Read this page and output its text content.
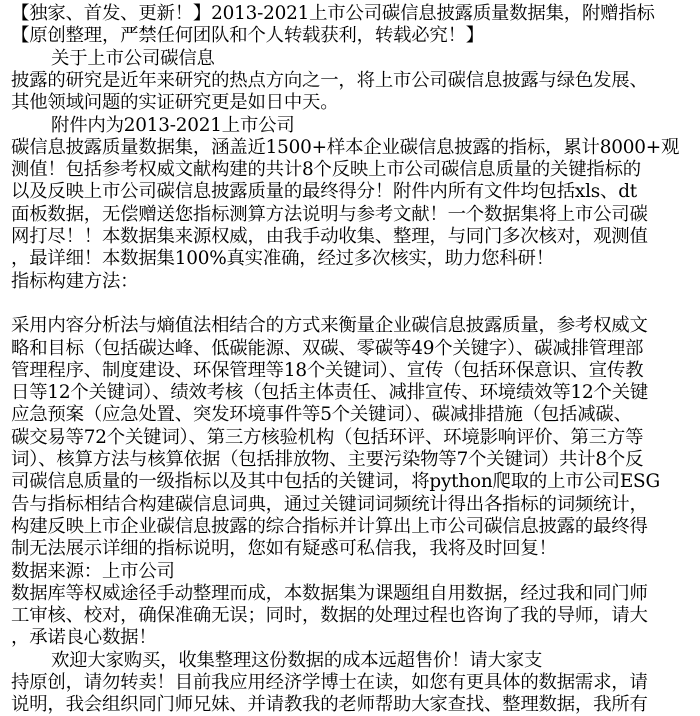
【独家、首发、更新！】2013-2021上市公司碳信息披露质量数据集，附赠指标
【原创整理，严禁任何团队和个人转载获利，转载必究！】
关于上市公司碳信息
披露的研究是近年来研究的热点方向之一，将上市公司碳信息披露与绿色发展、
其他领域问题的实证研究更是如日中天。
附件内为2013-2021上市公司
碳信息披露质量数据集，涵盖近1500+样本企业碳信息披露的指标，累计8000+观
测值！包括参考权威文献构建的共计8个反映上市公司碳信息质量的关键指标的
以及反映上市公司碳信息披露质量的最终得分！附件内所有文件均包括xls、dt
面板数据，无偿赠送您指标测算方法说明与参考文献！一个数据集将上市公司碳
网打尽！！本数据集来源权威，由我手动收集、整理，与同门多次核对，观测值
，最详细！本数据集100%真实准确，经过多次核实，助力您科研！
指标构建方法：
采用内容分析法与熵值法相结合的方式来衡量企业碳信息披露质量，参考权威文
略和目标（包括碳达峰、低碳能源、双碳、零碳等49个关键字）、碳减排管理部
管理程序、制度建设、环保管理等18个关键词）、宣传（包括环保意识、宣传教
日等12个关键词）、绩效考核（包括主体责任、减排宣传、环境绩效等12个关键
应急预案（应急处置、突发环境事件等5个关键词）、碳减排措施（包括减碳、
碳交易等72个关键词）、第三方核验机构（包括环评、环境影响评价、第三方等
词）、核算方法与核算依据（包括排放物、主要污染物等7个关键词）共计8个反
司碳信息质量的一级指标以及其中包括的关键词，将python爬取的上市公司ESG
告与指标相结合构建碳信息词典，通过关键词词频统计得出各指标的词频统计，
构建反映上市企业碳信息披露的综合指标并计算出上市公司碳信息披露的最终得
制无法展示详细的指标说明，您如有疑惑可私信我，我将及时回复！
数据来源：上市公司
数据库等权威途径手动整理而成，本数据集为课题组自用数据，经过我和同门师
工审核、校对，确保准确无误；同时，数据的处理过程也咨询了我的导师，请大
，承诺良心数据！
欢迎大家购买，收集整理这份数据的成本远超售价！请大家支
持原创，请勿转卖！目前我应用经济学博士在读，如您有更具体的数据需求，请
说明，我会组织同门师兄妹、并请教我的老师帮助大家查找、整理数据，我所有
